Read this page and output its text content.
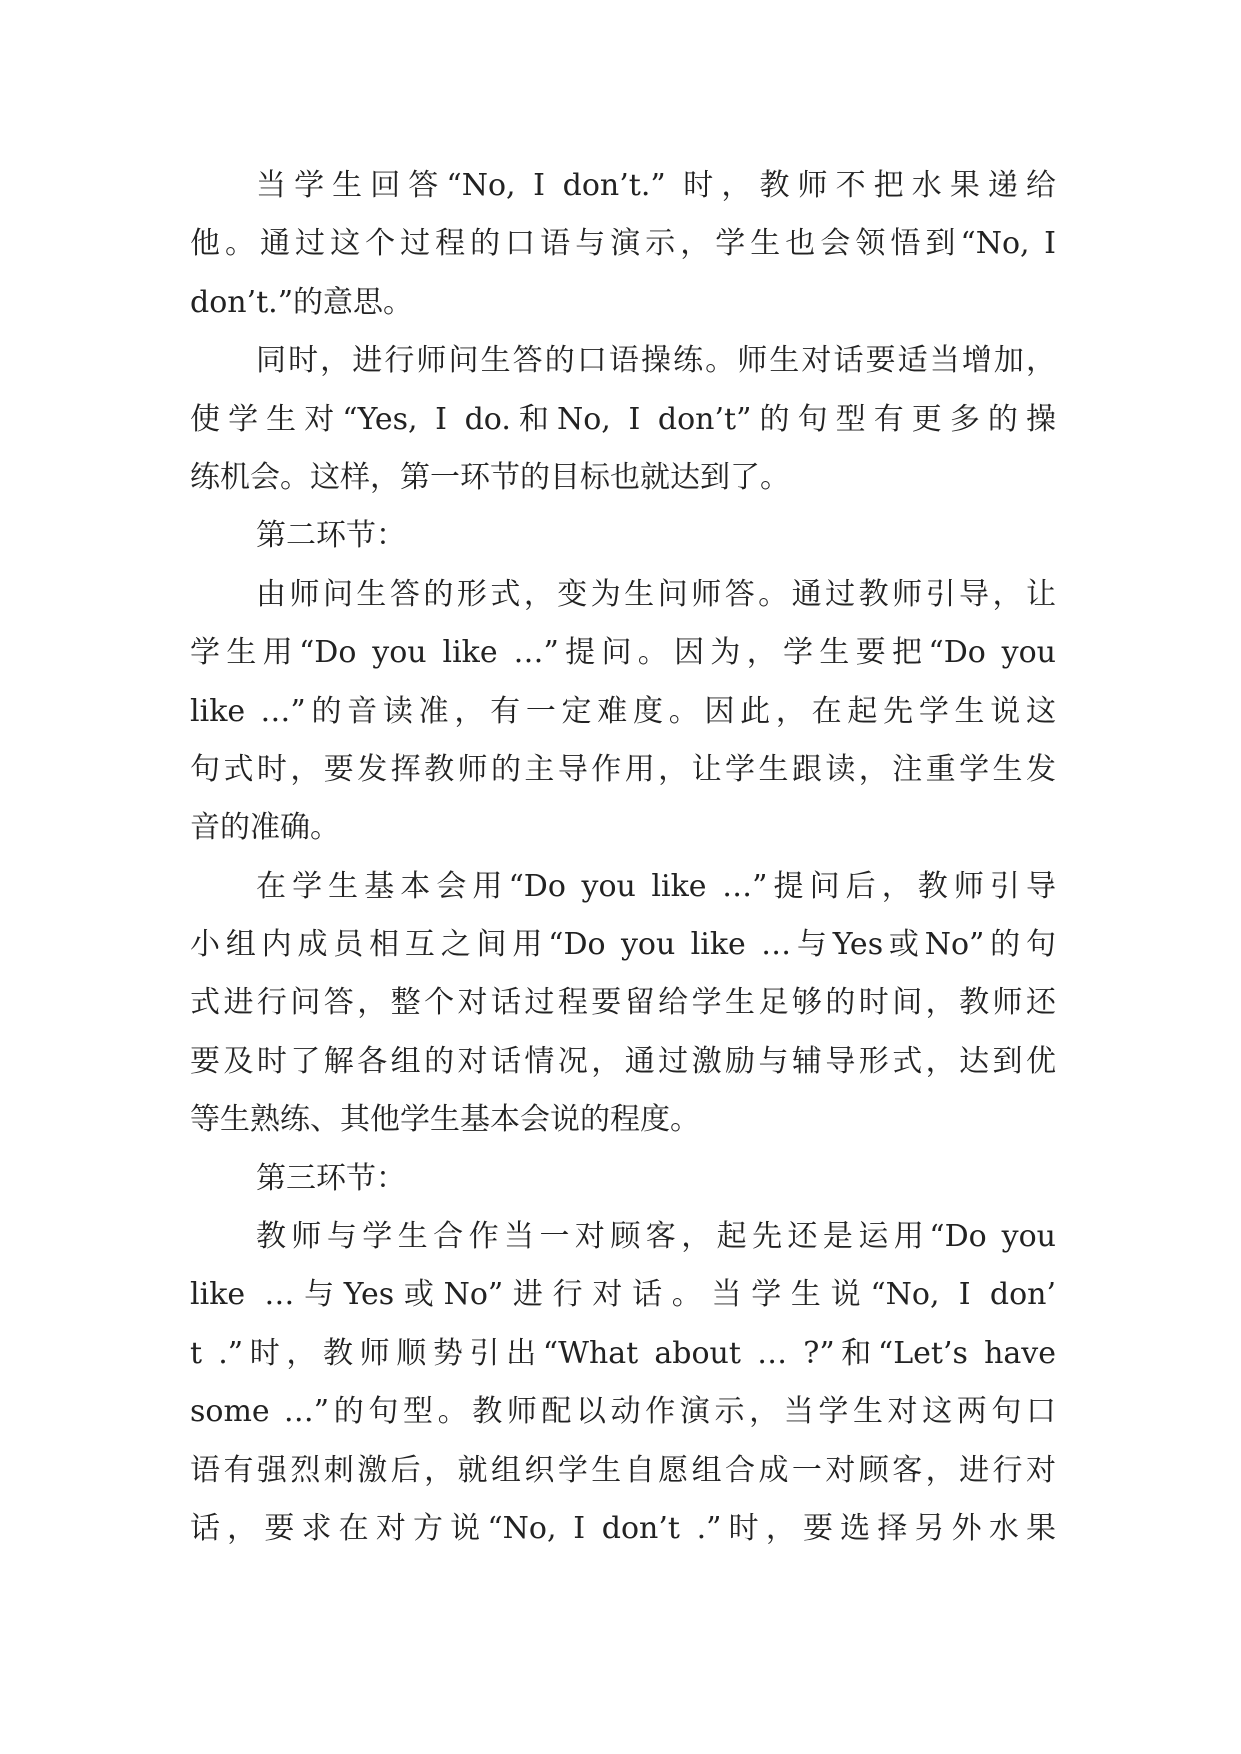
当学生回答“No, I don’t.” 时，教师不把水果递给
他。通过这个过程的口语与演示，学生也会领悟到“No, I
don’t.”的意思。
同时，进行师问生答的口语操练。师生对话要适当增加，
使学生对“Yes, I do.和No, I don’t”的句型有更多的操
练机会。这样，第一环节的目标也就达到了。
第二环节：
由师问生答的形式，变为生问师答。通过教师引导，让
学生用“Do you like …”提问。因为，学生要把“Do you
like …”的音读准，有一定难度。因此，在起先学生说这
句式时，要发挥教师的主导作用，让学生跟读，注重学生发
音的准确。
在学生基本会用“Do you like …”提问后，教师引导
小组内成员相互之间用“Do you like …与Yes或No”的句
式进行问答，整个对话过程要留给学生足够的时间，教师还
要及时了解各组的对话情况，通过激励与辅导形式，达到优
等生熟练、其他学生基本会说的程度。
第三环节：
教师与学生合作当一对顾客，起先还是运用“Do you
like …与Yes或No”进行对话。当学生说“No, I don’
t .”时，教师顺势引出“What about … ?”和“Let’s have
some …”的句型。教师配以动作演示，当学生对这两句口
语有强烈刺激后，就组织学生自愿组合成一对顾客，进行对
话，要求在对方说“No, I don’t .”时，要选择另外水果
